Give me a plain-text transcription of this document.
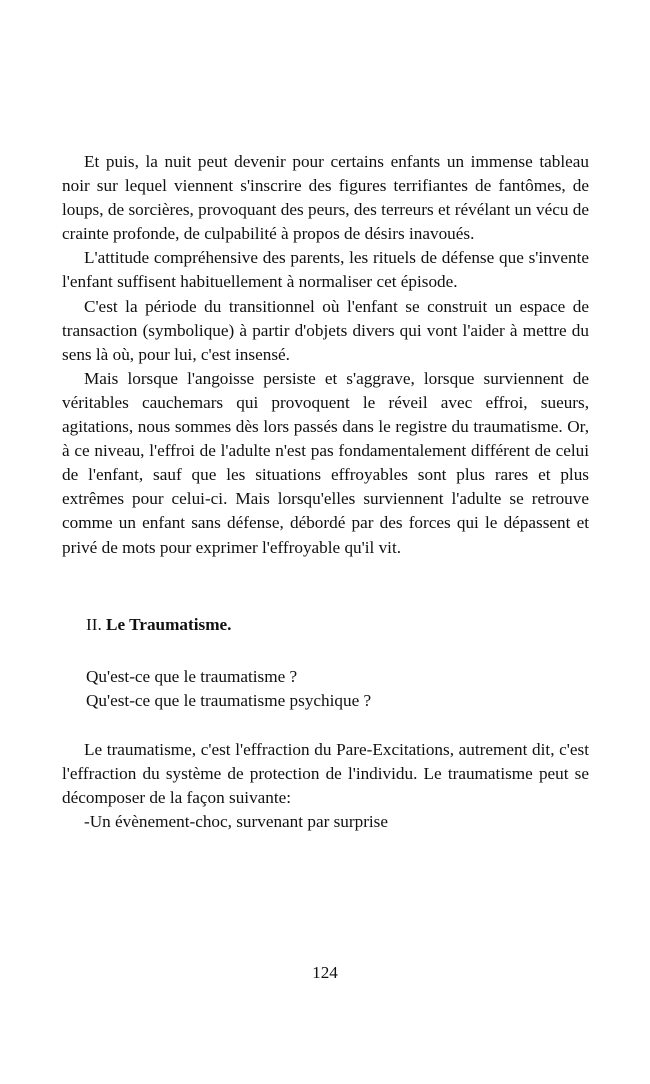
Et puis, la nuit peut devenir pour certains enfants un immense tableau noir sur lequel viennent s'inscrire des figures terrifiantes de fantômes, de loups, de sorcières, provoquant des peurs, des terreurs et révélant un vécu de crainte profonde, de culpabilité à propos de désirs inavoués.

L'attitude compréhensive des parents, les rituels de défense que s'invente l'enfant suffisent habituellement à normaliser cet épisode.

C'est la période du transitionnel où l'enfant se construit un espace de transaction (symbolique) à partir d'objets divers qui vont l'aider à mettre du sens là où, pour lui, c'est insensé.

Mais lorsque l'angoisse persiste et s'aggrave, lorsque surviennent de véritables cauchemars qui provoquent le réveil avec effroi, sueurs, agitations, nous sommes dès lors passés dans le registre du traumatisme. Or, à ce niveau, l'effroi de l'adulte n'est pas fondamentalement différent de celui de l'enfant, sauf que les situations effroyables sont plus rares et plus extrêmes pour celui-ci. Mais lorsqu'elles surviennent l'adulte se retrouve comme un enfant sans défense, débordé par des forces qui le dépassent et privé de mots pour exprimer l'effroyable qu'il vit.

II. Le Traumatisme.

Qu'est-ce que le traumatisme ?

Qu'est-ce que le traumatisme psychique ?

Le traumatisme, c'est l'effraction du Pare-Excitations, autrement dit, c'est l'effraction du système de protection de l'individu. Le traumatisme peut se décomposer de la façon suivante:

-Un évènement-choc, survenant par surprise

124
